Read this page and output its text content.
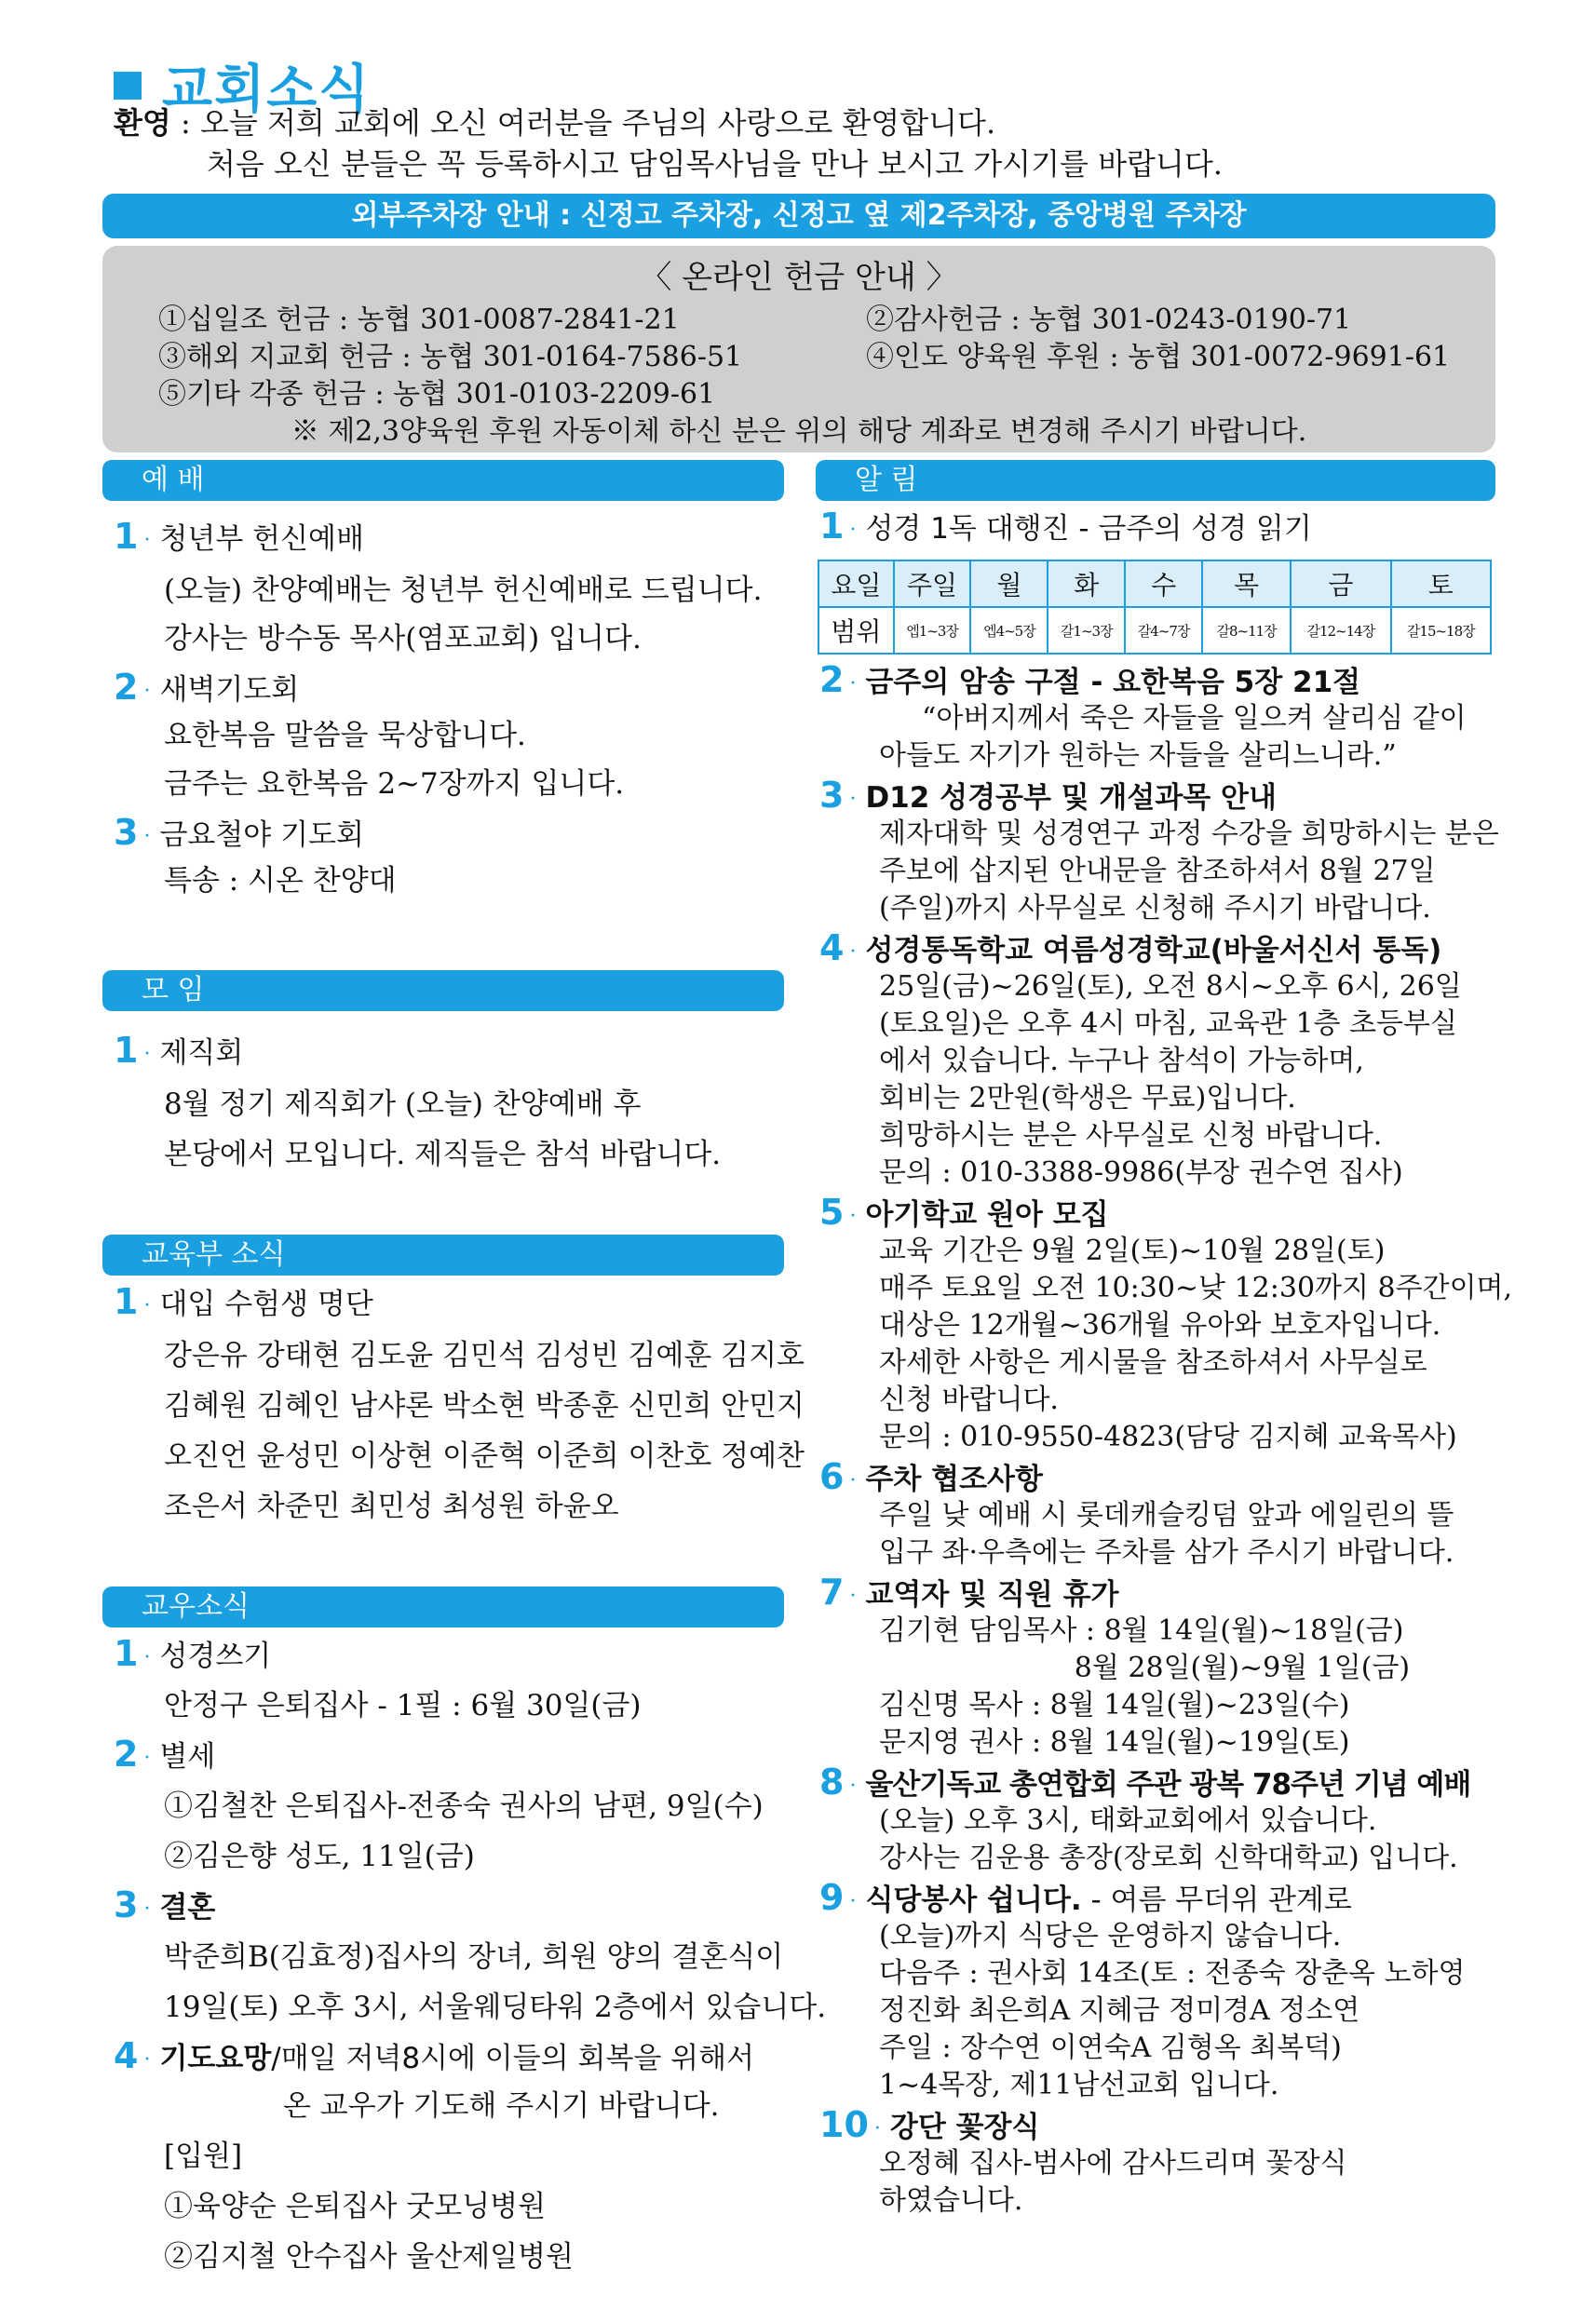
교회소식
환영 : 오늘 저희 교회에 오신 여러분을 주님의 사랑으로 환영합니다.
처음 오신 분들은 꼭 등록하시고 담임목사님을 만나 보시고 가시기를 바랍니다.
외부주차장 안내 : 신정고 주차장, 신정고 옆 제2주차장, 중앙병원 주차장
〈 온라인 헌금 안내 〉
①십일조 헌금 : 농협 301-0087-2841-21	②감사헌금 : 농협 301-0243-0190-71
③해외 지교회 헌금 : 농협 301-0164-7586-51	④인도 양육원 후원 : 농협 301-0072-9691-61
⑤기타 각종 헌금 : 농협 301-0103-2209-61
※ 제2,3양육원 후원 자동이체 하신 분은 위의 해당 계좌로 변경해 주시기 바랍니다.
예 배
1 · 청년부 헌신예배
(오늘) 찬양예배는 청년부 헌신예배로 드립니다.
강사는 방수동 목사(염포교회) 입니다.
2 · 새벽기도회
요한복음 말씀을 묵상합니다.
금주는 요한복음 2~7장까지 입니다.
3 · 금요철야 기도회
특송 : 시온 찬양대
모 임
1 · 제직회
8월 정기 제직회가 (오늘) 찬양예배 후
본당에서 모입니다. 제직들은 참석 바랍니다.
교육부 소식
1 · 대입 수험생 명단
강은유 강태현 김도윤 김민석 김성빈 김예훈 김지호
김혜원 김혜인 남샤론 박소현 박종훈 신민희 안민지
오진언 윤성민 이상현 이준혁 이준희 이찬호 정예찬
조은서 차준민 최민성 최성원 하윤오
교우소식
1 · 성경쓰기
안정구 은퇴집사 - 1필 : 6월 30일(금)
2 · 별세
①김철찬 은퇴집사-전종숙 권사의 남편, 9일(수)
②김은향 성도, 11일(금)
3 · 결혼
박준희B(김효정)집사의 장녀, 희원 양의 결혼식이
19일(토) 오후 3시, 서울웨딩타워 2층에서 있습니다.
4 · 기도요망/매일 저녁8시에 이들의 회복을 위해서
온 교우가 기도해 주시기 바랍니다.
[입원]
①육양순 은퇴집사 굿모닝병원
②김지철 안수집사 울산제일병원
알 림
1 · 성경 1독 대행진 - 금주의 성경 읽기
요일	주일	월	화	수	목	금	토
범위	엡1~3장	엡4~5장	갈1~3장	갈4~7장	갈8~11장	갈12~14장	갈15~18장
2 · 금주의 암송 구절 - 요한복음 5장 21절
“아버지께서 죽은 자들을 일으켜 살리심 같이
아들도 자기가 원하는 자들을 살리느니라.”
3 · D12 성경공부 및 개설과목 안내
제자대학 및 성경연구 과정 수강을 희망하시는 분은
주보에 삽지된 안내문을 참조하셔서 8월 27일
(주일)까지 사무실로 신청해 주시기 바랍니다.
4 · 성경통독학교 여름성경학교(바울서신서 통독)
25일(금)~26일(토), 오전 8시~오후 6시, 26일
(토요일)은 오후 4시 마침, 교육관 1층 초등부실
에서 있습니다. 누구나 참석이 가능하며,
회비는 2만원(학생은 무료)입니다.
희망하시는 분은 사무실로 신청 바랍니다.
문의 : 010-3388-9986(부장 권수연 집사)
5 · 아기학교 원아 모집
교육 기간은 9월 2일(토)~10월 28일(토)
매주 토요일 오전 10:30~낮 12:30까지 8주간이며,
대상은 12개월~36개월 유아와 보호자입니다.
자세한 사항은 게시물을 참조하셔서 사무실로
신청 바랍니다.
문의 : 010-9550-4823(담당 김지혜 교육목사)
6 · 주차 협조사항
주일 낮 예배 시 롯데캐슬킹덤 앞과 에일린의 뜰
입구 좌·우측에는 주차를 삼가 주시기 바랍니다.
7 · 교역자 및 직원 휴가
김기현 담임목사 : 8월 14일(월)~18일(금)
8월 28일(월)~9월 1일(금)
김신명 목사 : 8월 14일(월)~23일(수)
문지영 권사 : 8월 14일(월)~19일(토)
8 · 울산기독교 총연합회 주관 광복 78주년 기념 예배
(오늘) 오후 3시, 태화교회에서 있습니다.
강사는 김운용 총장(장로회 신학대학교) 입니다.
9 · 식당봉사 쉽니다. - 여름 무더위 관계로
(오늘)까지 식당은 운영하지 않습니다.
다음주 : 권사회 14조(토 : 전종숙 장춘옥 노하영
정진화 최은희A 지혜금 정미경A 정소연
주일 : 장수연 이연숙A 김형옥 최복덕)
1~4목장, 제11남선교회 입니다.
10 · 강단 꽃장식
오정혜 집사-범사에 감사드리며 꽃장식
하였습니다.
